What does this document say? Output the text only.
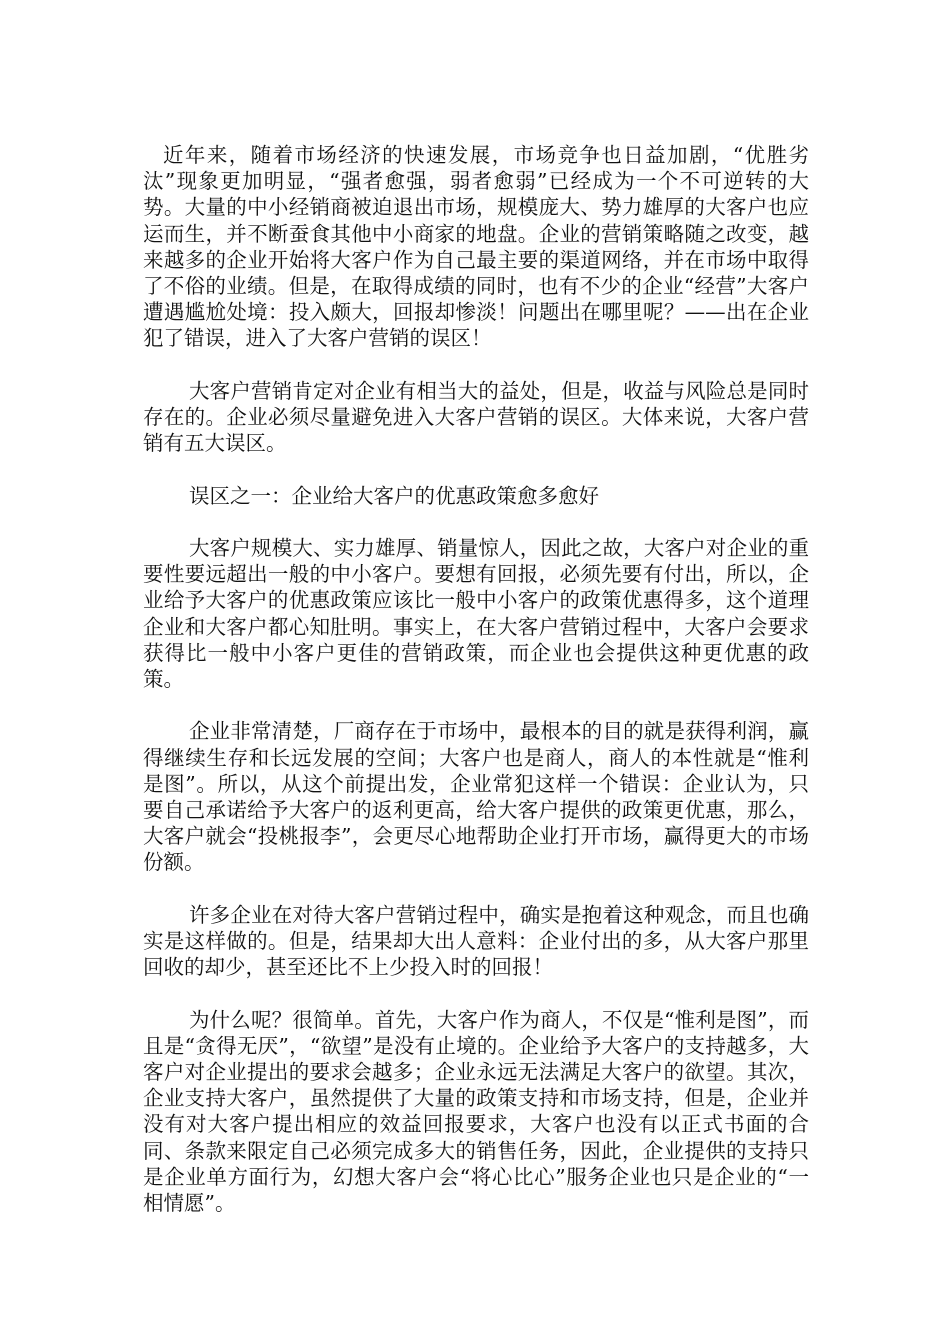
近年来，随着市场经济的快速发展，市场竞争也日益加剧，“优胜劣汰”现象更加明显，“强者愈强，弱者愈弱”已经成为一个不可逆转的大势。大量的中小经销商被迫退出市场，规模庞大、势力雄厚的大客户也应运而生，并不断蚕食其他中小商家的地盘。企业的营销策略随之改变，越来越多的企业开始将大客户作为自己最主要的渠道网络，并在市场中取得了不俗的业绩。但是，在取得成绩的同时，也有不少的企业“经营”大客户遭遇尴尬处境：投入颇大，回报却惨淡！问题出在哪里呢？——出在企业犯了错误，进入了大客户营销的误区！

大客户营销肯定对企业有相当大的益处，但是，收益与风险总是同时存在的。企业必须尽量避免进入大客户营销的误区。大体来说，大客户营销有五大误区。

误区之一：企业给大客户的优惠政策愈多愈好

大客户规模大、实力雄厚、销量惊人，因此之故，大客户对企业的重要性要远超出一般的中小客户。要想有回报，必须先要有付出，所以，企业给予大客户的优惠政策应该比一般中小客户的政策优惠得多，这个道理企业和大客户都心知肚明。事实上，在大客户营销过程中，大客户会要求获得比一般中小客户更佳的营销政策，而企业也会提供这种更优惠的政策。

企业非常清楚，厂商存在于市场中，最根本的目的就是获得利润，赢得继续生存和长远发展的空间；大客户也是商人，商人的本性就是“惟利是图”。所以，从这个前提出发，企业常犯这样一个错误：企业认为，只要自己承诺给予大客户的返利更高，给大客户提供的政策更优惠，那么，大客户就会“投桃报李”，会更尽心地帮助企业打开市场，赢得更大的市场份额。

许多企业在对待大客户营销过程中，确实是抱着这种观念，而且也确实是这样做的。但是，结果却大出人意料：企业付出的多，从大客户那里回收的却少，甚至还比不上少投入时的回报！

为什么呢？很简单。首先，大客户作为商人，不仅是“惟利是图”，而且是“贪得无厌”，“欲望”是没有止境的。企业给予大客户的支持越多，大客户对企业提出的要求会越多；企业永远无法满足大客户的欲望。其次，企业支持大客户，虽然提供了大量的政策支持和市场支持，但是，企业并没有对大客户提出相应的效益回报要求，大客户也没有以正式书面的合同、条款来限定自己必须完成多大的销售任务，因此，企业提供的支持只是企业单方面行为，幻想大客户会“将心比心”服务企业也只是企业的“一相情愿”。
